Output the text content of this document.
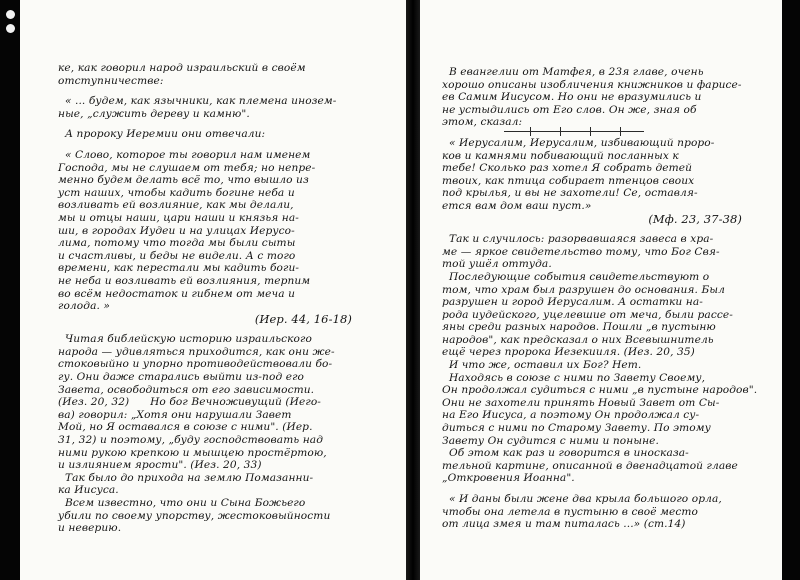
ке, как говорил народ израильский в своём

отступничестве:

« ... будем, как язычники, как племена инозем-

ные, „служить дереву и камню".

А пророку Иеремии они отвечали:

« Слово, которое ты говорил нам именем

Господа, мы не слушаем от тебя; но непре-

менно будем делать всё то, что вышло из

уст наших, чтобы кадить богине неба и

возливать ей возлияние, как мы делали,

мы и отцы наши, цари наши и князья на-

ши, в городах Иудеи и на улицах Иерусо-

лима, потому что тогда мы были сыты

и счастливы, и беды не видели. А с того

времени, как перестали мы кадить боги-

не неба и возливать ей возлияния, терпим

во всём недостаток и гибнем от меча и

голода. »

(Иер. 44, 16-18)

Читая библейскую историю израильского

народа — удивляться приходится, как они же-

стоковыйно и упорно противодействовали бо-

гу. Они даже старались выйти из-под его

Завета, освободиться от его зависимости.

(Иез. 20, 32)      Но бог Вечноживущий (Иего-

ва) говорил: „Хотя они нарушали Завет

Мой, но Я оставался в союзе с ними". (Иер.

31, 32) и поэтому, „буду господствовать над

ними рукою крепкою и мышцею простёртою,

и излиянием ярости". (Иез. 20, 33)

Так было до прихода на землю Помазанни-

ка Иисуса.

Всем известно, что они и Сына Божьего

убили по своему упорству, жестоковыйности

и неверию.

В евангелии от Матфея, в 23я главе, очень

хорошо описаны изобличения книжников и фарисе-

ев Самим Иисусом. Но они не вразумились и

не устыдились от Его слов. Он же, зная об

этом, сказал:

« Иерусалим, Иерусалим, избивающий проро-

ков и камнями побивающий посланных к

тебе! Сколько раз хотел Я собрать детей

твоих, как птица собирает птенцов своих

под крылья, и вы не захотели! Се, оставля-

ется вам дом ваш пуст.»

(Мф. 23, 37-38)

Так и случилось: разорвавшаяся завеса в хра-

ме — яркое свидетельство тому, что Бог Свя-

той ушёл оттуда.

Последующие события свидетельствуют о

том, что храм был разрушен до основания. Был

разрушен и город Иерусалим. А остатки на-

рода иудейского, уцелевшие от меча, были рассе-

яны среди разных народов. Пошли „в пустыню

народов", как предсказал о них Всевышнитель

ещё через пророка Иезекииля. (Иез. 20, 35)

И что же, оставил их Бог? Нет.

Находясь в союзе с ними по Завету Своему,

Он продолжал судиться с ними „в пустыне народов".

Они не захотели принять Новый Завет от Сы-

на Его Иисуса, а поэтому Он продолжал су-

диться с ними по Старому Завету. По этому

Завету Он судится с ними и поныне.

Об этом как раз и говорится в иносказа-

тельной картине, описанной в двенадцатой главе

„Откровения Иоанна".

« И даны были жене два крыла большого орла,

чтобы она летела в пустыню в своё место

от лица змея и там питалась ...» (ст.14)
